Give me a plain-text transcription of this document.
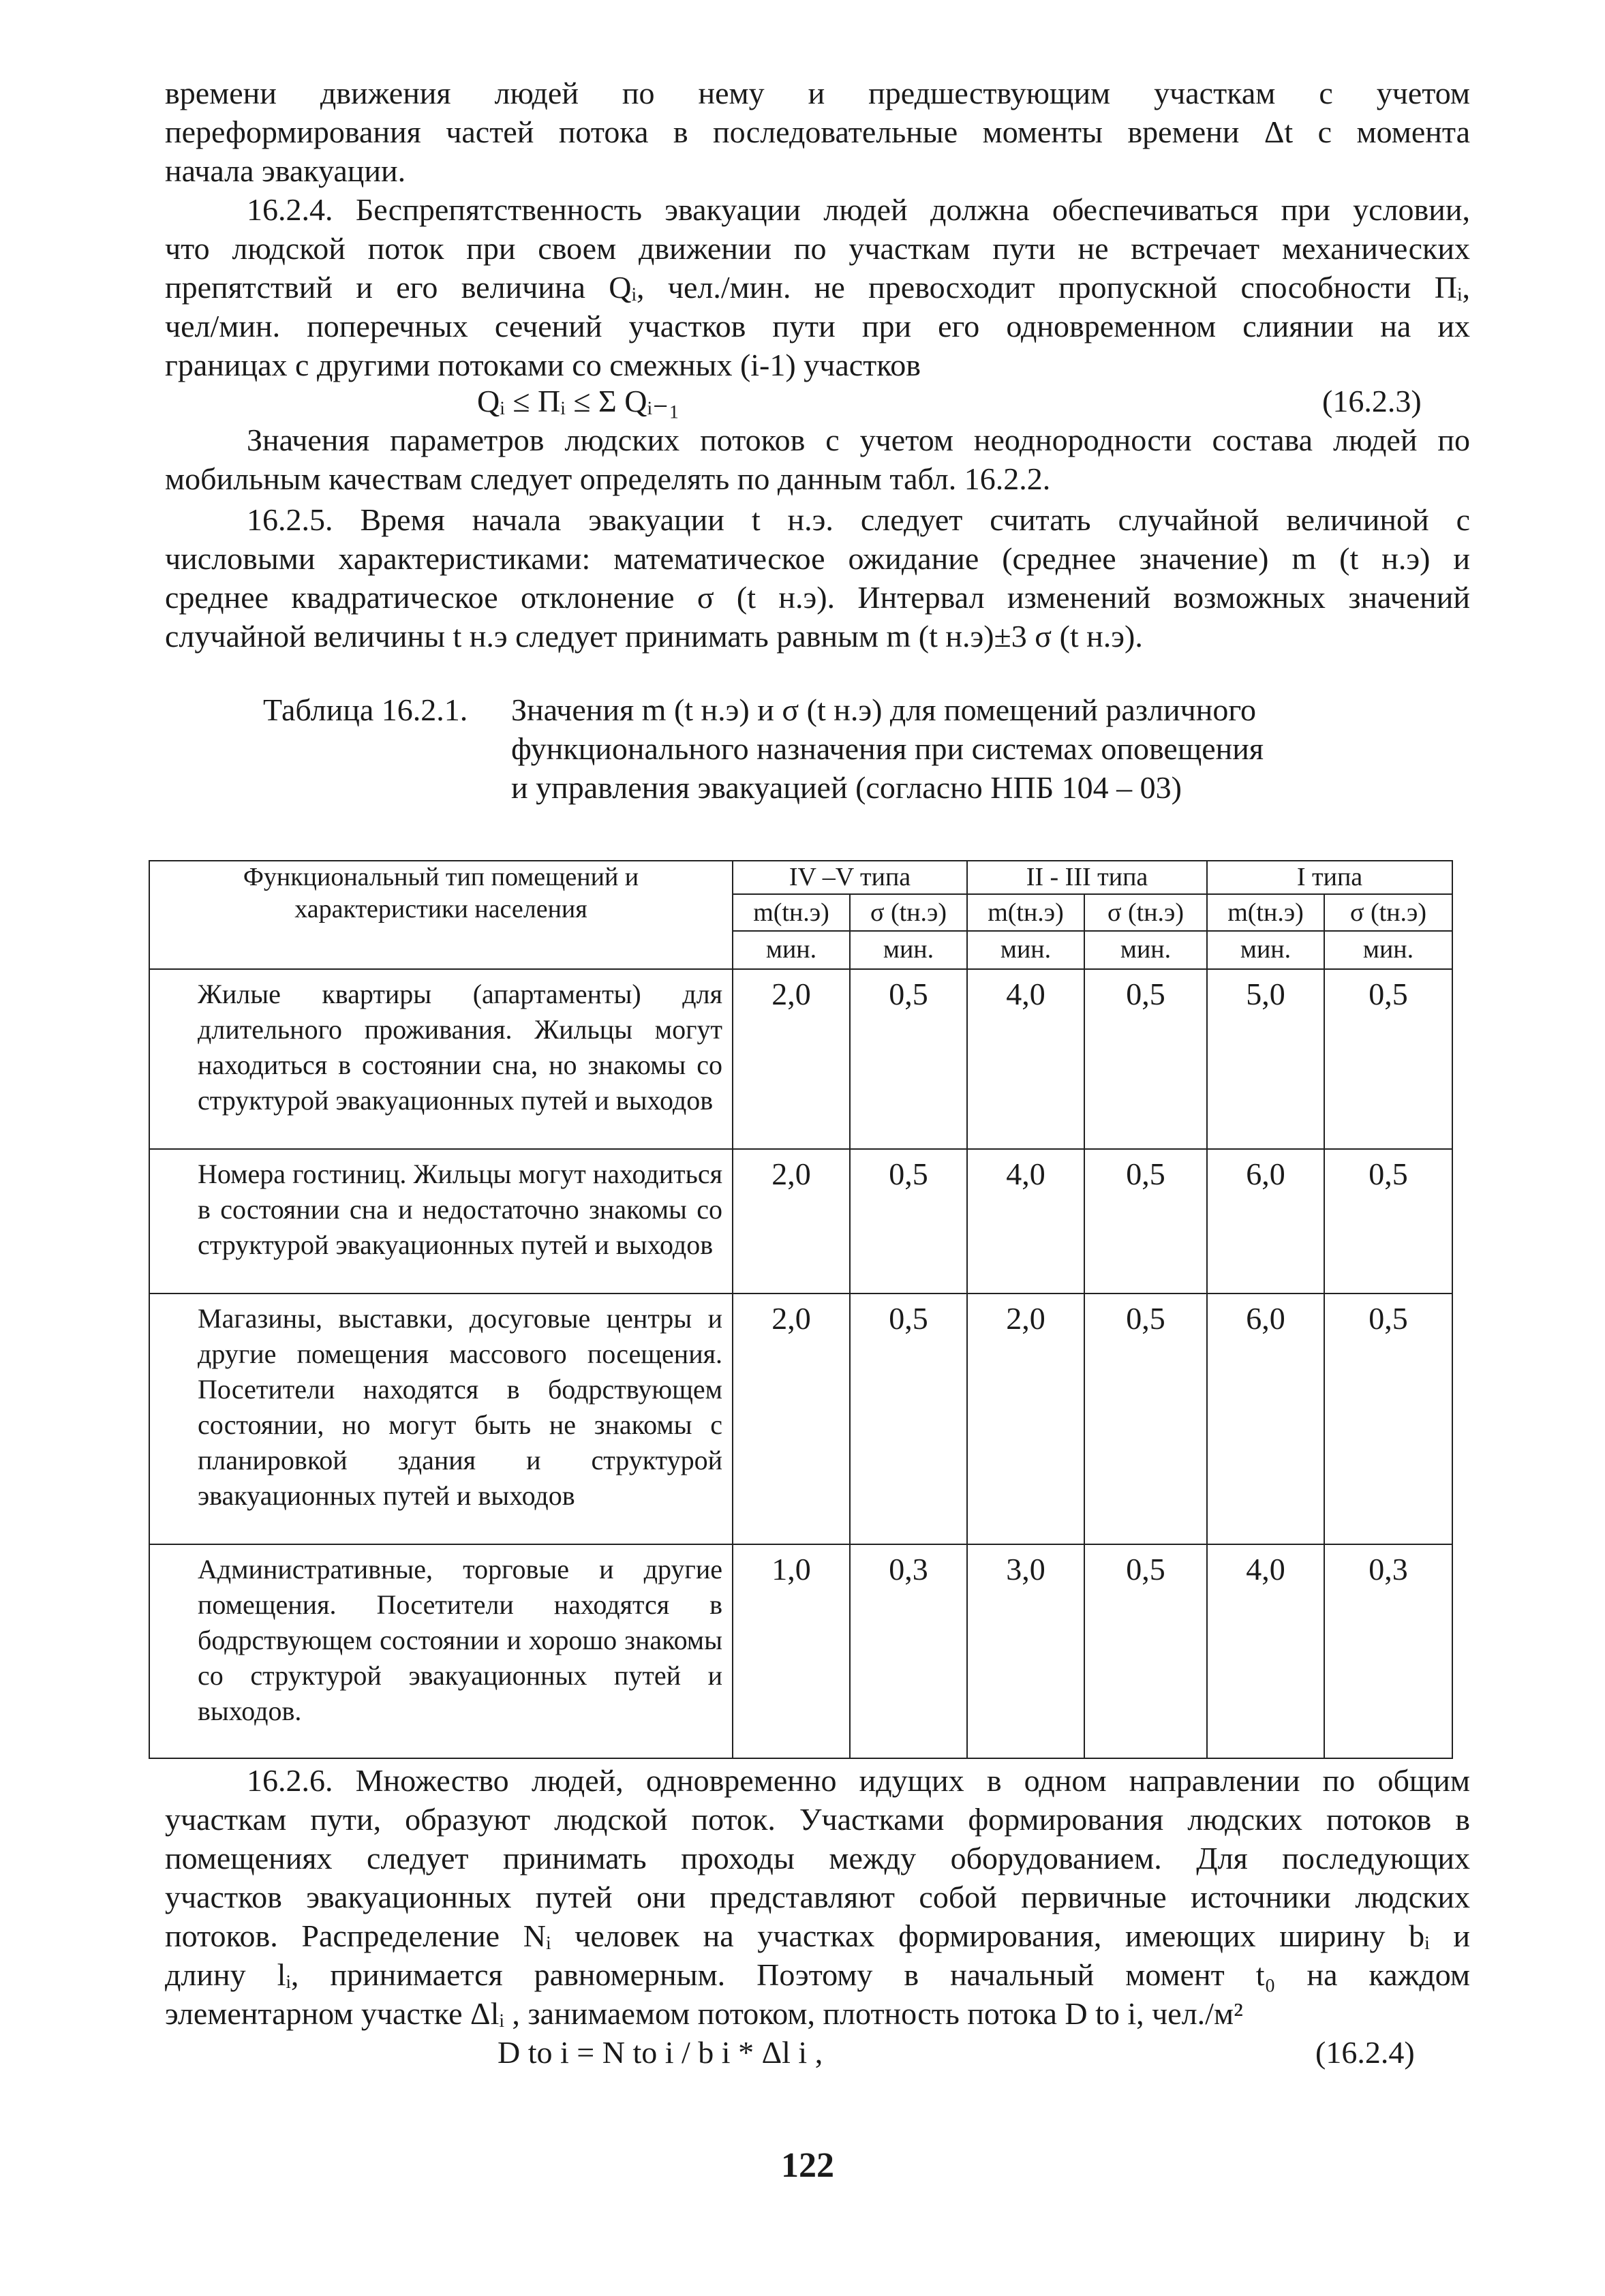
времени движения людей по нему и предшествующим участкам с учетом
переформирования частей потока в последовательные моменты времени Δt с момента
начала эвакуации.
16.2.4. Беспрепятственность эвакуации людей должна обеспечиваться при условии,
что людской поток при своем движении по участкам пути не встречает механических
препятствий и его величина Qᵢ, чел./мин. не превосходит пропускной способности Пᵢ,
чел/мин. поперечных сечений участков пути при его одновременном слиянии на их
границах с другими потоками со смежных (i-1) участков
Qᵢ ≤ Пᵢ ≤ Σ Qᵢ₋₁	(16.2.3)
Значения параметров людских потоков с учетом неоднородности состава людей по
мобильным качествам следует определять по данным табл. 16.2.2.
16.2.5. Время начала эвакуации t н.э. следует считать случайной величиной с
числовыми характеристиками: математическое ожидание (среднее значение) m (t н.э) и
среднее квадратическое отклонение σ (t н.э). Интервал изменений возможных значений
случайной величины t н.э следует принимать равным m (t н.э)±3 σ (t н.э).
Таблица 16.2.1. Значения m (t н.э) и σ (t н.э) для помещений различного
функционального назначения при системах оповещения
и управления эвакуацией (согласно НПБ 104 – 03)
Функциональный тип помещений и характеристики населения	IV –V типа		II - III типа		I типа	
	m(tн.э)	σ (tн.э)	m(tн.э)	σ (tн.э)	m(tн.э)	σ (tн.э)
	мин.	мин.	мин.	мин.	мин.	мин.
Жилые квартиры (апартаменты) для длительного проживания. Жильцы могут находиться в состоянии сна, но знакомы со структурой эвакуационных путей и выходов	2,0	0,5	4,0	0,5	5,0	0,5
Номера гостиниц. Жильцы могут находиться в состоянии сна и недостаточно знакомы со структурой эвакуационных путей и выходов	2,0	0,5	4,0	0,5	6,0	0,5
Магазины, выставки, досуговые центры и другие помещения массового посещения. Посетители находятся в бодрствующем состоянии, но могут быть не знакомы с планировкой здания и структурой эвакуационных путей и выходов	2,0	0,5	2,0	0,5	6,0	0,5
Административные, торговые и другие помещения. Посетители находятся в бодрствующем состоянии и хорошо знакомы со структурой эвакуационных путей и выходов.	1,0	0,3	3,0	0,5	4,0	0,3
16.2.6. Множество людей, одновременно идущих в одном направлении по общим
участкам пути, образуют людской поток. Участками формирования людских потоков в
помещениях следует принимать проходы между оборудованием. Для последующих
участков эвакуационных путей они представляют собой первичные источники людских
потоков. Распределение Nᵢ человек на участках формирования, имеющих ширину bᵢ и
длину lᵢ, принимается равномерным. Поэтому в начальный момент t₀ на каждом
элементарном участке Δlᵢ , занимаемом потоком, плотность потока D to i, чел./м²
D to i = N to i / b i * Δl i ,	(16.2.4)
122
